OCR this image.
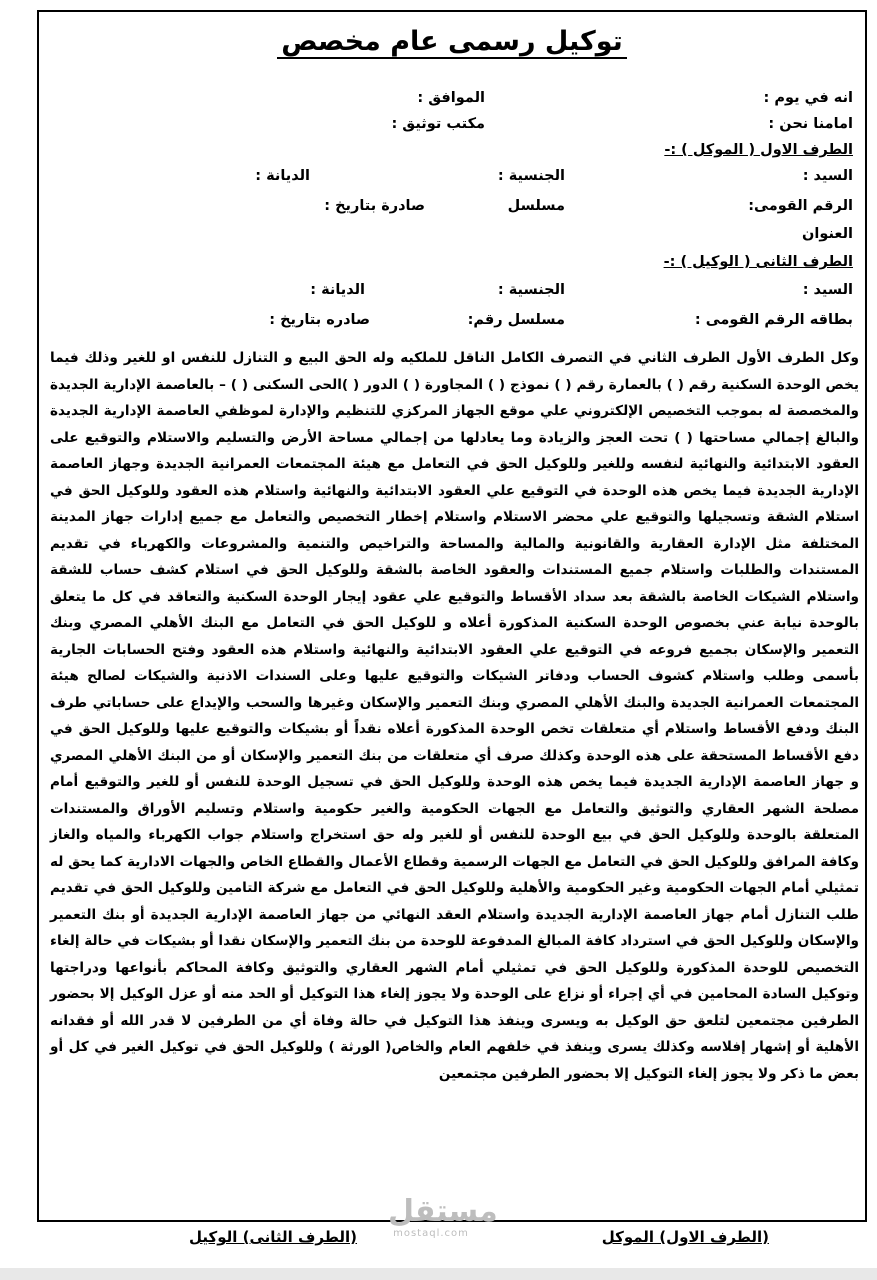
توكيل رسمى عام مخصص
انه في يوم :
الموافق :
امامنا نحن :
مكتب توثيق :
الطرف الاول ( الموكل ) :-
السيد :
الجنسية :
الديانة :
الرقم القومى:
مسلسل
صادرة بتاريخ :
العنوان
الطرف الثانى ( الوكيل ) :-
السيد :
الجنسية :
الديانة :
بطاقه الرقم القومى :
مسلسل رقم:
صادره بتاريخ :
وكل الطرف الأول الطرف الثاني في التصرف الكامل الناقل للملكيه وله الحق البيع و التنازل للنفس او للغير وذلك فيما يخص الوحدة السكنية رقم ( ) بالعمارة رقم ( ) نموذج ( ) المجاورة ( ) الدور ( )الحى السكنى ( ) – بالعاصمة الإدارية الجديدة والمخصصة له بموجب التخصيص الإلكتروني علي موقع الجهاز المركزي للتنظيم والإدارة لموظفي العاصمة الإدارية الجديدة والبالغ إجمالي مساحتها ( ) تحت العجز والزيادة وما يعادلها من إجمالي مساحة الأرض والتسليم والاستلام والتوقيع على العقود الابتدائية والنهائية لنفسه وللغير وللوكيل الحق في التعامل مع هيئة المجتمعات العمرانية الجديدة وجهاز العاصمة الإدارية الجديدة فيما يخص هذه الوحدة في التوقيع علي العقود الابتدائية والنهائية واستلام هذه العقود وللوكيل الحق في استلام الشقة وتسجيلها والتوقيع علي محضر الاستلام واستلام إخطار التخصيص والتعامل مع جميع إدارات جهاز المدينة المختلفة مثل الإدارة العقارية والقانونية والمالية والمساحة والتراخيص والتنمية والمشروعات والكهرباء في تقديم المستندات والطلبات واستلام جميع المستندات والعقود الخاصة بالشقة وللوكيل الحق في استلام كشف حساب للشقة واستلام الشيكات الخاصة بالشقة بعد سداد الأقساط والتوقيع علي عقود إيجار الوحدة السكنية والتعاقد في كل ما يتعلق بالوحدة نيابة عني بخصوص الوحدة السكنية المذكورة أعلاه و للوكيل الحق في التعامل مع البنك الأهلي المصري وبنك التعمير والإسكان بجميع فروعه في التوقيع علي العقود الابتدائية والنهائية واستلام هذه العقود وفتح الحسابات الجارية بأسمى وطلب واستلام كشوف الحساب ودفاتر الشيكات والتوقيع عليها وعلى السندات الاذنية والشيكات لصالح هيئة المجتمعات العمرانية الجديدة والبنك الأهلي المصري وبنك التعمير والإسكان وغيرها والسحب والإيداع على حساباتي طرف البنك ودفع الأقساط واستلام أي متعلقات تخص الوحدة المذكورة أعلاه نقداً أو بشيكات والتوقيع عليها وللوكيل الحق في دفع الأقساط المستحقة على هذه الوحدة وكذلك صرف أي متعلقات من بنك التعمير والإسكان أو من البنك الأهلي المصري و جهاز العاصمة الإدارية الجديدة فيما يخص هذه الوحدة وللوكيل الحق في تسجيل الوحدة للنفس أو للغير والتوقيع أمام مصلحة الشهر العقاري والتوثيق والتعامل مع الجهات الحكومية والغير حكومية واستلام وتسليم الأوراق والمستندات المتعلقة بالوحدة وللوكيل الحق في بيع الوحدة للنفس أو للغير وله حق استخراج واستلام جواب الكهرباء والمياه والغاز وكافة المرافق وللوكيل الحق في التعامل مع الجهات الرسمية وقطاع الأعمال والقطاع الخاص والجهات الادارية كما يحق له تمثيلي أمام الجهات الحكومية وغير الحكومية والأهلية وللوكيل الحق في التعامل مع شركة التامين وللوكيل الحق في تقديم طلب التنازل أمام جهاز العاصمة الإدارية الجديدة واستلام العقد النهائي من جهاز العاصمة الإدارية الجديدة أو بنك التعمير والإسكان وللوكيل الحق في استرداد كافة المبالغ المدفوعة للوحدة من بنك التعمير والإسكان نقدا أو بشيكات في حالة إلغاء التخصيص للوحدة المذكورة وللوكيل الحق في تمثيلي أمام الشهر العقاري والتوثيق وكافة المحاكم بأنواعها ودراجتها وتوكيل السادة المحامين في أي إجراء أو نزاع على الوحدة ولا يجوز إلغاء هذا التوكيل أو الحد منه أو عزل الوكيل إلا بحضور الطرفين مجتمعين لتلعق حق الوكيل به ويسرى وينفذ هذا التوكيل في حالة وفاة أي من الطرفين لا قدر الله أو فقدانه الأهلية أو إشهار إفلاسه وكذلك يسرى وينفذ في خلفهم العام والخاص( الورثة ) وللوكيل الحق في توكيل الغير في كل أو بعض ما ذكر ولا يجوز إلغاء التوكيل إلا بحضور الطرفين مجتمعين
(الطرف الاول) الموكل
(الطرف الثانى) الوكيل
مستقل
mostaql.com
